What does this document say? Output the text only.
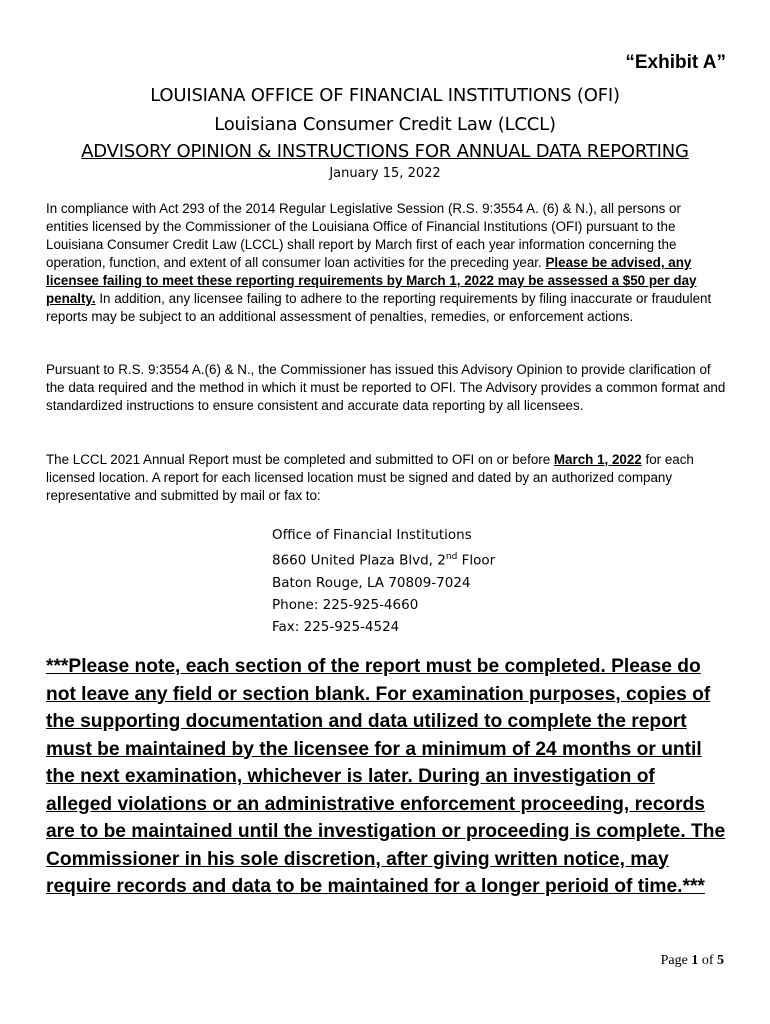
“Exhibit A”
LOUISIANA OFFICE OF FINANCIAL INSTITUTIONS (OFI)
Louisiana Consumer Credit Law (LCCL)
ADVISORY OPINION & INSTRUCTIONS FOR ANNUAL DATA REPORTING
January 15, 2022
In compliance with Act 293 of the 2014 Regular Legislative Session (R.S. 9:3554 A. (6) & N.), all persons or entities licensed by the Commissioner of the Louisiana Office of Financial Institutions (OFI) pursuant to the Louisiana Consumer Credit Law (LCCL) shall report by March first of each year information concerning the operation, function, and extent of all consumer loan activities for the preceding year. Please be advised, any licensee failing to meet these reporting requirements by March 1, 2022 may be assessed a $50 per day penalty. In addition, any licensee failing to adhere to the reporting requirements by filing inaccurate or fraudulent reports may be subject to an additional assessment of penalties, remedies, or enforcement actions.
Pursuant to R.S. 9:3554 A.(6) & N., the Commissioner has issued this Advisory Opinion to provide clarification of the data required and the method in which it must be reported to OFI. The Advisory provides a common format and standardized instructions to ensure consistent and accurate data reporting by all licensees.
The LCCL 2021 Annual Report must be completed and submitted to OFI on or before March 1, 2022 for each licensed location. A report for each licensed location must be signed and dated by an authorized company representative and submitted by mail or fax to:
Office of Financial Institutions
8660 United Plaza Blvd, 2nd Floor
Baton Rouge, LA 70809-7024
Phone: 225-925-4660
Fax: 225-925-4524
***Please note, each section of the report must be completed. Please do not leave any field or section blank. For examination purposes, copies of the supporting documentation and data utilized to complete the report must be maintained by the licensee for a minimum of 24 months or until the next examination, whichever is later. During an investigation of alleged violations or an administrative enforcement proceeding, records are to be maintained until the investigation or proceeding is complete. The Commissioner in his sole discretion, after giving written notice, may require records and data to be maintained for a longer perioid of time.***
Page 1 of 5
